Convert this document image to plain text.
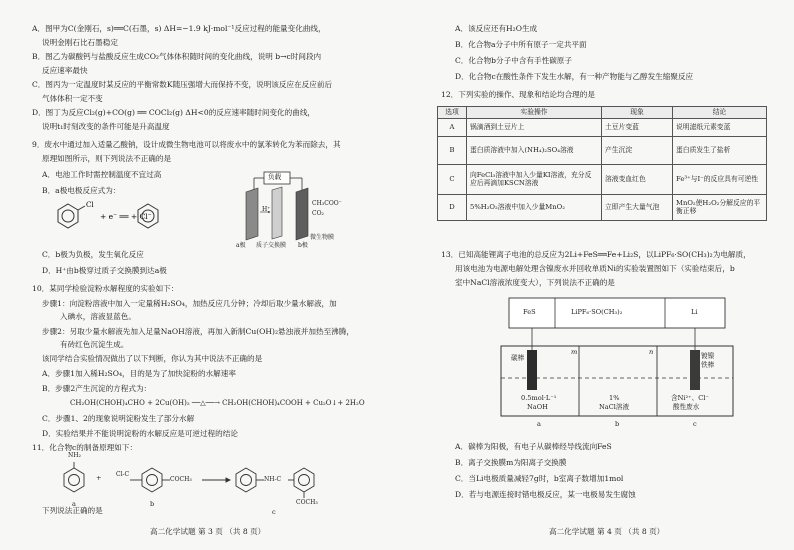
A．图甲为C(金刚石，s)══C(石墨，s) ΔH=−1.9 kJ·mol⁻¹反应过程的能量变化曲线，
说明金刚石比石墨稳定
B．图乙为碳酸钙与盐酸反应生成CO₂气体体积随时间的变化曲线，说明 b→c时间段内
反应速率最快
C．图丙为一定温度时某反应的平衡常数K随压强增大而保持不变，说明该反应在反应前后
气体体积一定不变
D．图丁为反应Cl₂(g)+CO(g) ══ COCl₂(g) ΔH<0的反应速率随时间变化的曲线，
说明t₁时刻改变的条件可能是升高温度
9．废水中通过加入适量乙酸钠，设计成微生物电池可以将废水中的氯苯转化为苯而除去，其
原理如图所示，则下列说法不正确的是
A．电池工作时需控制温度不宜过高
B．a极电极反应式为：
Cl
+ e⁻ ══ + Cl⁻
C．b极为负极，发生氧化反应
D．H⁺由b极穿过质子交换膜到达a极
负载
H⁺
CH₃COO⁻
CO₂
微生物膜
a极 质子交换膜 b极
10．某同学检验淀粉水解程度的实验如下：
步骤1：向淀粉溶液中加入一定量稀H₂SO₄，加热反应几分钟；冷却后取少量水解液，加
入碘水，溶液显蓝色。
步骤2：另取少量水解液先加入足量NaOH溶液，再加入新制Cu(OH)₂悬浊液并加热至沸腾，
有砖红色沉淀生成。
该同学结合实验情况做出了以下判断，你认为其中说法不正确的是
A．步骤1加入稀H₂SO₄，目的是为了加快淀粉的水解速率
B．步骤2产生沉淀的方程式为：
CH₂OH(CHOH)₄CHO + 2Cu(OH)₂ ──△──→ CH₂OH(CHOH)₄COOH + Cu₂O↓+ 2H₂O
C．步骤1、2的现象说明淀粉发生了部分水解
D．实验结果并不能说明淀粉的水解反应是可逆过程的结论
11．化合物c的制备原理如下：
NH₂
+ Cl-C
COCH₃	NH-C
COCH₃
a	b
c
下列说法正确的是
高二化学试题 第 3 页 （共 8 页）
A．该反应还有H₂O生成
B．化合物a分子中所有原子一定共平面
C．化合物b分子中含有手性碳原子
D．化合物c在酸性条件下发生水解，有一种产物能与乙醇发生缩聚反应
12．下列实验的操作、现象和结论均合理的是
选项	实验操作	现象	结论
A	锅滴酒到土豆片上	土豆片变蓝	说明滤纸元素变蓝
B	蛋白质溶液中加入(NH₄)₂SO₄溶液	产生沉淀	蛋白质发生了盐析
C	向FeCl₃溶液中加入少量KI溶液，充分反应后再滴加KSCN溶液	溶液变血红色	Fe³⁺与I⁻的反应具有可逆性
D	5%H₂O₂溶液中加入少量MnO₂	立即产生大量气泡	MnO₂使H₂O₂分解反应的平衡正移
13．已知高能锂离子电池的总反应为2Li+FeS══Fe+Li₂S，以LiPF₆·SO(CH₃)₂为电解质，
用该电池为电源电解处理含镍废水并回收单质Ni的实验装置图如下（实验结束后，b
室中NaCl溶液浓度变大），下列说法不正确的是
FeS	LiPF₆·SO(CH₃)₂	Li
碳棒	镀镍铁棒
m	n
0.5mol·L⁻¹
NaOH
1%
NaCl溶液
含Ni²⁺、Cl⁻
酸性废水
a	b	c
A．碳棒为阳极，有电子从碳棒经导线流向FeS
B．离子交换膜m为阳离子交换膜
C．当Li电极质量减轻7g时，b室离子数增加1mol
D．若与电源连接时错电极反应，某一电极易发生腐蚀
高二化学试题 第 4 页 （共 8 页）
